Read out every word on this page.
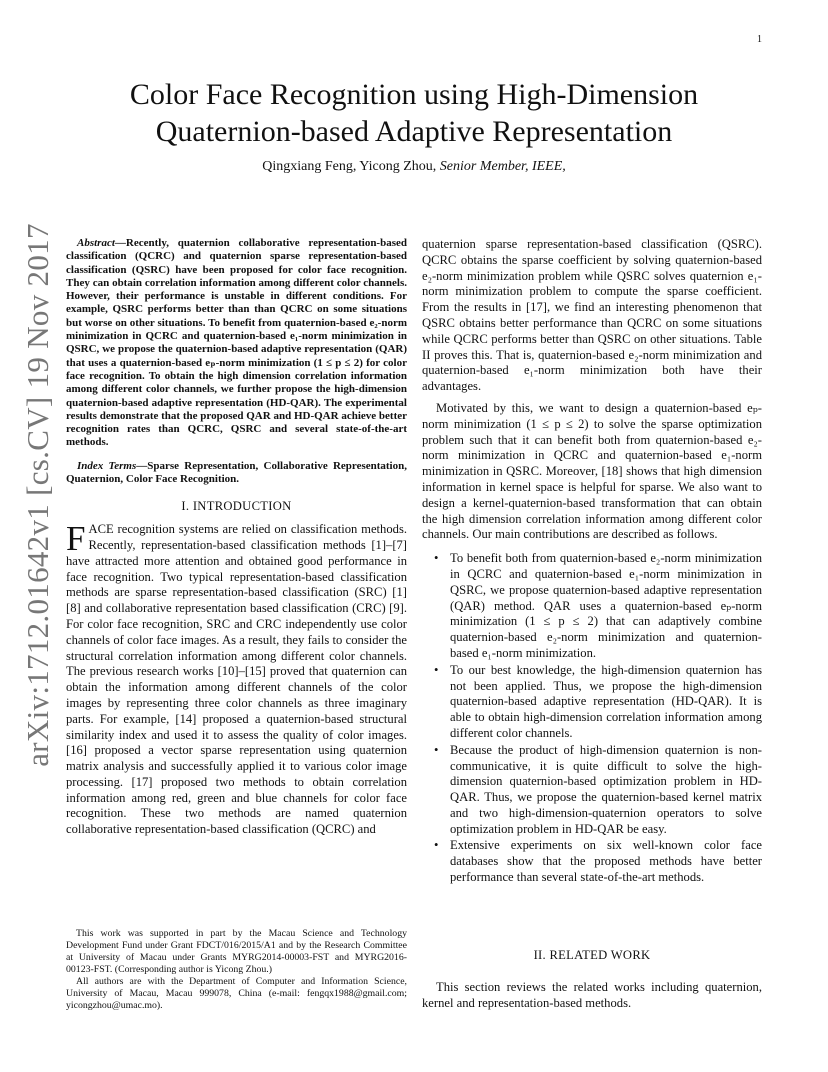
1
arXiv:1712.01642v1 [cs.CV] 19 Nov 2017
Color Face Recognition using High-Dimension
Quaternion-based Adaptive Representation
Qingxiang Feng, Yicong Zhou, Senior Member, IEEE,

Abstract—Recently, quaternion collaborative representation-based classification (QCRC) and quaternion sparse representation-based classification (QSRC) have been proposed for color face recognition. They can obtain correlation information among different color channels. However, their performance is unstable in different conditions. For example, QSRC performs better than than QCRC on some situations but worse on other situations. To benefit from quaternion-based e₂-norm minimization in QCRC and quaternion-based e₁-norm minimization in QSRC, we propose the quaternion-based adaptive representation (QAR) that uses a quaternion-based eₚ-norm minimization (1 ≤ p ≤ 2) for color face recognition. To obtain the high dimension correlation information among different color channels, we further propose the high-dimension quaternion-based adaptive representation (HD-QAR). The experimental results demonstrate that the proposed QAR and HD-QAR achieve better recognition rates than QCRC, QSRC and several state-of-the-art methods.

Index Terms—Sparse Representation, Collaborative Representation, Quaternion, Color Face Recognition.

I. INTRODUCTION

FACE recognition systems are relied on classification methods. Recently, representation-based classification methods [1]–[7] have attracted more attention and obtained good performance in face recognition. Two typical representation-based classification methods are sparse representation-based classification (SRC) [1] [8] and collaborative representation based classification (CRC) [9]. For color face recognition, SRC and CRC independently use color channels of color face images. As a result, they fails to consider the structural correlation information among different color channels. The previous research works [10]–[15] proved that quaternion can obtain the information among different channels of the color images by representing three color channels as three imaginary parts. For example, [14] proposed a quaternion-based structural similarity index and used it to assess the quality of color images. [16] proposed a vector sparse representation using quaternion matrix analysis and successfully applied it to various color image processing. [17] proposed two methods to obtain correlation information among red, green and blue channels for color face recognition. These two methods are named quaternion collaborative representation-based classification (QCRC) and

This work was supported in part by the Macau Science and Technology Development Fund under Grant FDCT/016/2015/A1 and by the Research Committee at University of Macau under Grants MYRG2014-00003-FST and MYRG2016-00123-FST. (Corresponding author is Yicong Zhou.)

All authors are with the Department of Computer and Information Science, University of Macau, Macau 999078, China (e-mail: fengqx1988@gmail.com; yicongzhou@umac.mo).

quaternion sparse representation-based classification (QSRC). QCRC obtains the sparse coefficient by solving quaternion-based e₂-norm minimization problem while QSRC solves quaternion e₁-norm minimization problem to compute the sparse coefficient. From the results in [17], we find an interesting phenomenon that QSRC obtains better performance than QCRC on some situations while QCRC performs better than QSRC on other situations. Table II proves this. That is, quaternion-based e₂-norm minimization and quaternion-based e₁-norm minimization both have their advantages.

Motivated by this, we want to design a quaternion-based eₚ-norm minimization (1 ≤ p ≤ 2) to solve the sparse optimization problem such that it can benefit both from quaternion-based e₂-norm minimization in QCRC and quaternion-based e₁-norm minimization in QSRC. Moreover, [18] shows that high dimension information in kernel space is helpful for sparse. We also want to design a kernel-quaternion-based transformation that can obtain the high dimension correlation information among different color channels. Our main contributions are described as follows.

• To benefit both from quaternion-based e₂-norm minimization in QCRC and quaternion-based e₁-norm minimization in QSRC, we propose quaternion-based adaptive representation (QAR) method. QAR uses a quaternion-based eₚ-norm minimization (1 ≤ p ≤ 2) that can adaptively combine quaternion-based e₂-norm minimization and quaternion-based e₁-norm minimization.
• To our best knowledge, the high-dimension quaternion has not been applied. Thus, we propose the high-dimension quaternion-based adaptive representation (HD-QAR). It is able to obtain high-dimension correlation information among different color channels.
• Because the product of high-dimension quaternion is non-communicative, it is quite difficult to solve the high-dimension quaternion-based optimization problem in HD-QAR. Thus, we propose the quaternion-based kernel matrix and two high-dimension-quaternion operators to solve optimization problem in HD-QAR be easy.
• Extensive experiments on six well-known color face databases show that the proposed methods have better performance than several state-of-the-art methods.
II. RELATED WORK
This section reviews the related works including quaternion, kernel and representation-based methods.
